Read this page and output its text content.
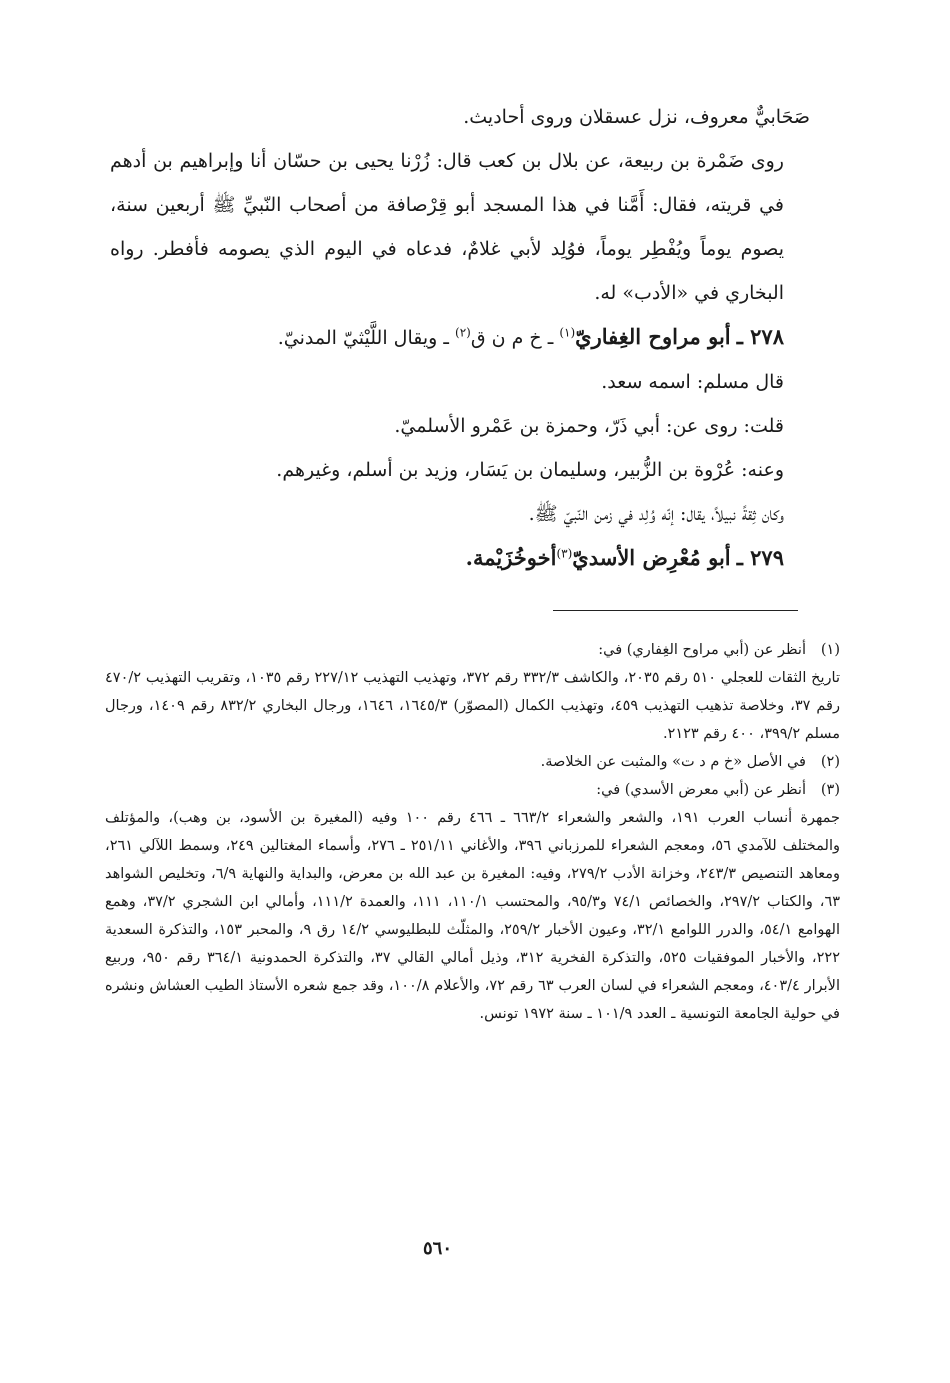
صَحَابيٌّ معروف، نزل عسقلان وروى أحاديث.

روى ضَمْرة بن ربيعة، عن بلال بن كعب قال: زُرْنا يحيى بن حسّان أنا وإبراهيم بن أدهم في قريته، فقال: أَمَّنا في هذا المسجد أبو قِرْصافة من أصحاب النّبيِّ ﷺ أربعين سنة، يصوم يوماً ويُفْطِر يوماً، فوُلِد لأبي غلامٌ، فدعاه في اليوم الذي يصومه فأفطر. رواه البخاري في «الأدب» له.

٢٧٨ ـ أبو مراوح الغِفاريّ$^{(١)}$ ـ خ م ن ق$^{(٢)}$ ـ ويقال اللَّيْثيّ المدنيّ.

قال مسلم: اسمه سعد.

قلت: روى عن: أبي ذَرّ، وحمزة بن عَمْرو الأسلميّ.

وعنه: عُرْوة بن الزُّبير، وسليمان بن يَسَار، وزيد بن أسلم، وغيرهم.

وكان ثِقةً نبيلاً، يقال: إنّه وُلِد في زمن النّبيّ ﷺ.

٢٧٩ ـ أبو مُعْرِض الأسديّ$^{(٣)}$أخوخُزَيْمة.

(١)
أنظر عن (أبي مراوح الغِفاري) في:

تاريخ الثقات للعجلي ٥١٠ رقم ٢٠٣٥، والكاشف ٣٣٢/٣ رقم ٣٧٢، وتهذيب التهذيب ٢٢٧/١٢ رقم ١٠٣٥، وتقريب التهذيب ٤٧٠/٢ رقم ٣٧، وخلاصة تذهيب التهذيب ٤٥٩، وتهذيب الكمال (المصوّر) ١٦٤٥/٣، ١٦٤٦، ورجال البخاري ٨٣٢/٢ رقم ١٤٠٩، ورجال مسلم ٣٩٩/٢، ٤٠٠ رقم ٢١٢٣.

(٢)
في الأصل «خ م د ت» والمثبت عن الخلاصة.
(٣)
أنظر عن (أبي معرض الأسدي) في:

جمهرة أنساب العرب ١٩١، والشعر والشعراء ٦٦٣/٢ ـ ٤٦٦ رقم ١٠٠ وفيه (المغيرة بن الأسود، بن وهب)، والمؤتلف والمختلف للآمدي ٥٦، ومعجم الشعراء للمرزباني ٣٩٦، والأغاني ٢٥١/١١ ـ ٢٧٦، وأسماء المغتالين ٢٤٩، وسمط اللآلي ٢٦١، ومعاهد التنصيص ٢٤٣/٣، وخزانة الأدب ٢٧٩/٢، وفيه: المغيرة بن عبد الله بن معرض، والبداية والنهاية ٦/٩، وتخليص الشواهد ٦٣، والكتاب ٢٩٧/٢، والخصائص ٧٤/١ و٩٥/٣، والمحتسب ١١٠/١، ١١١، والعمدة ١١١/٢، وأمالي ابن الشجري ٣٧/٢، وهمع الهوامع ٥٤/١، والدرر اللوامع ٣٢/١، وعيون الأخبار ٢٥٩/٢، والمثلّث للبطليوسي ١٤/٢ رق ٩، والمحبر ١٥٣، والتذكرة السعدية ٢٢٢، والأخبار الموفقيات ٥٢٥، والتذكرة الفخرية ٣١٢، وذيل أمالي القالي ٣٧، والتذكرة الحمدونية ٣٦٤/١ رقم ٩٥٠، وربيع الأبرار ٤٠٣/٤، ومعجم الشعراء في لسان العرب ٦٣ رقم ٧٢، والأعلام ١٠٠/٨، وقد جمع شعره الأستاذ الطيب العشاش ونشره في حولية الجامعة التونسية ـ العدد ١٠١/٩ ـ سنة ١٩٧٢ تونس.

٥٦٠
